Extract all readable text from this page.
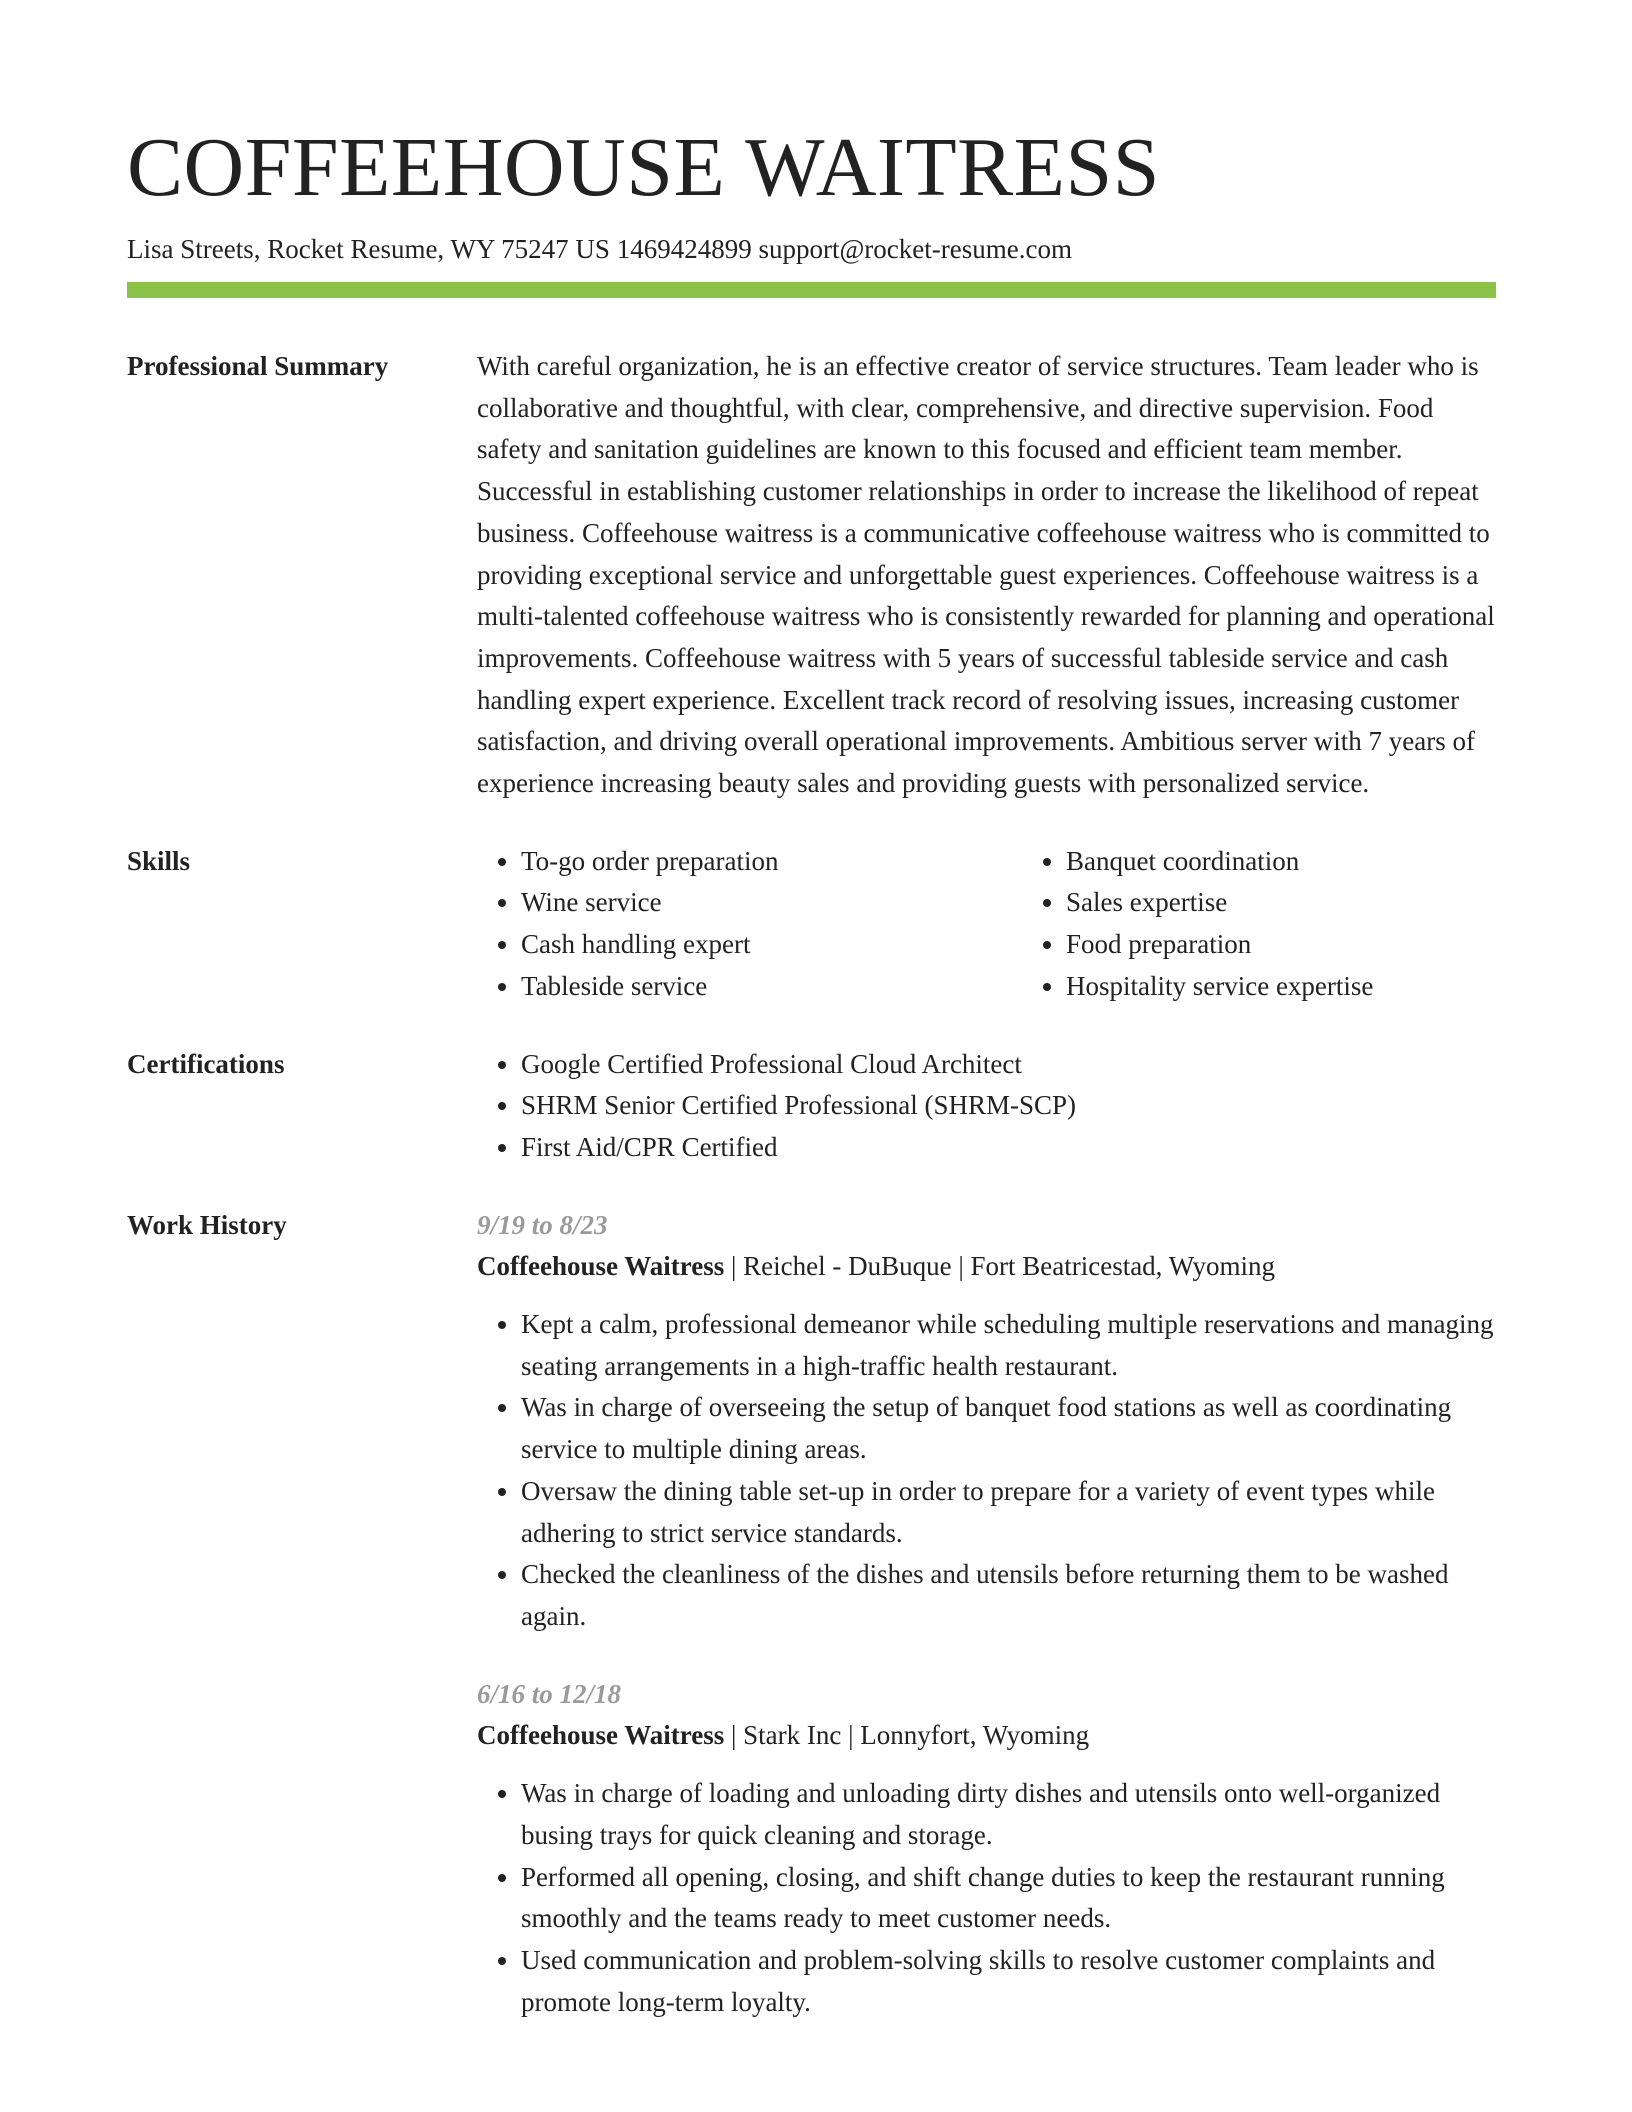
COFFEEHOUSE WAITRESS
Lisa Streets, Rocket Resume, WY 75247 US 1469424899 support@rocket-resume.com
Professional Summary	With careful organization, he is an effective creator of service structures. Team leader who is collaborative and thoughtful, with clear, comprehensive, and directive supervision. Food safety and sanitation guidelines are known to this focused and efficient team member. Successful in establishing customer relationships in order to increase the likelihood of repeat business. Coffeehouse waitress is a communicative coffeehouse waitress who is committed to providing exceptional service and unforgettable guest experiences. Coffeehouse waitress is a multi-talented coffeehouse waitress who is consistently rewarded for planning and operational improvements. Coffeehouse waitress with 5 years of successful tableside service and cash handling expert experience. Excellent track record of resolving issues, increasing customer satisfaction, and driving overall operational improvements. Ambitious server with 7 years of experience increasing beauty sales and providing guests with personalized service.

Skills	• To-go order preparation
• Wine service
• Cash handling expert
• Tableside service
• Banquet coordination
• Sales expertise
• Food preparation
• Hospitality service expertise
Certifications	• Google Certified Professional Cloud Architect
• SHRM Senior Certified Professional (SHRM-SCP)
• First Aid/CPR Certified
Work History	9/19 to 8/23
Coffeehouse Waitress | Reichel - DuBuque | Fort Beatricestad, Wyoming
• Kept a calm, professional demeanor while scheduling multiple reservations and managing seating arrangements in a high-traffic health restaurant.
• Was in charge of overseeing the setup of banquet food stations as well as coordinating service to multiple dining areas.
• Oversaw the dining table set-up in order to prepare for a variety of event types while adhering to strict service standards.
• Checked the cleanliness of the dishes and utensils before returning them to be washed again.
6/16 to 12/18
Coffeehouse Waitress | Stark Inc | Lonnyfort, Wyoming
• Was in charge of loading and unloading dirty dishes and utensils onto well-organized busing trays for quick cleaning and storage.
• Performed all opening, closing, and shift change duties to keep the restaurant running smoothly and the teams ready to meet customer needs.
• Used communication and problem-solving skills to resolve customer complaints and promote long-term loyalty.
